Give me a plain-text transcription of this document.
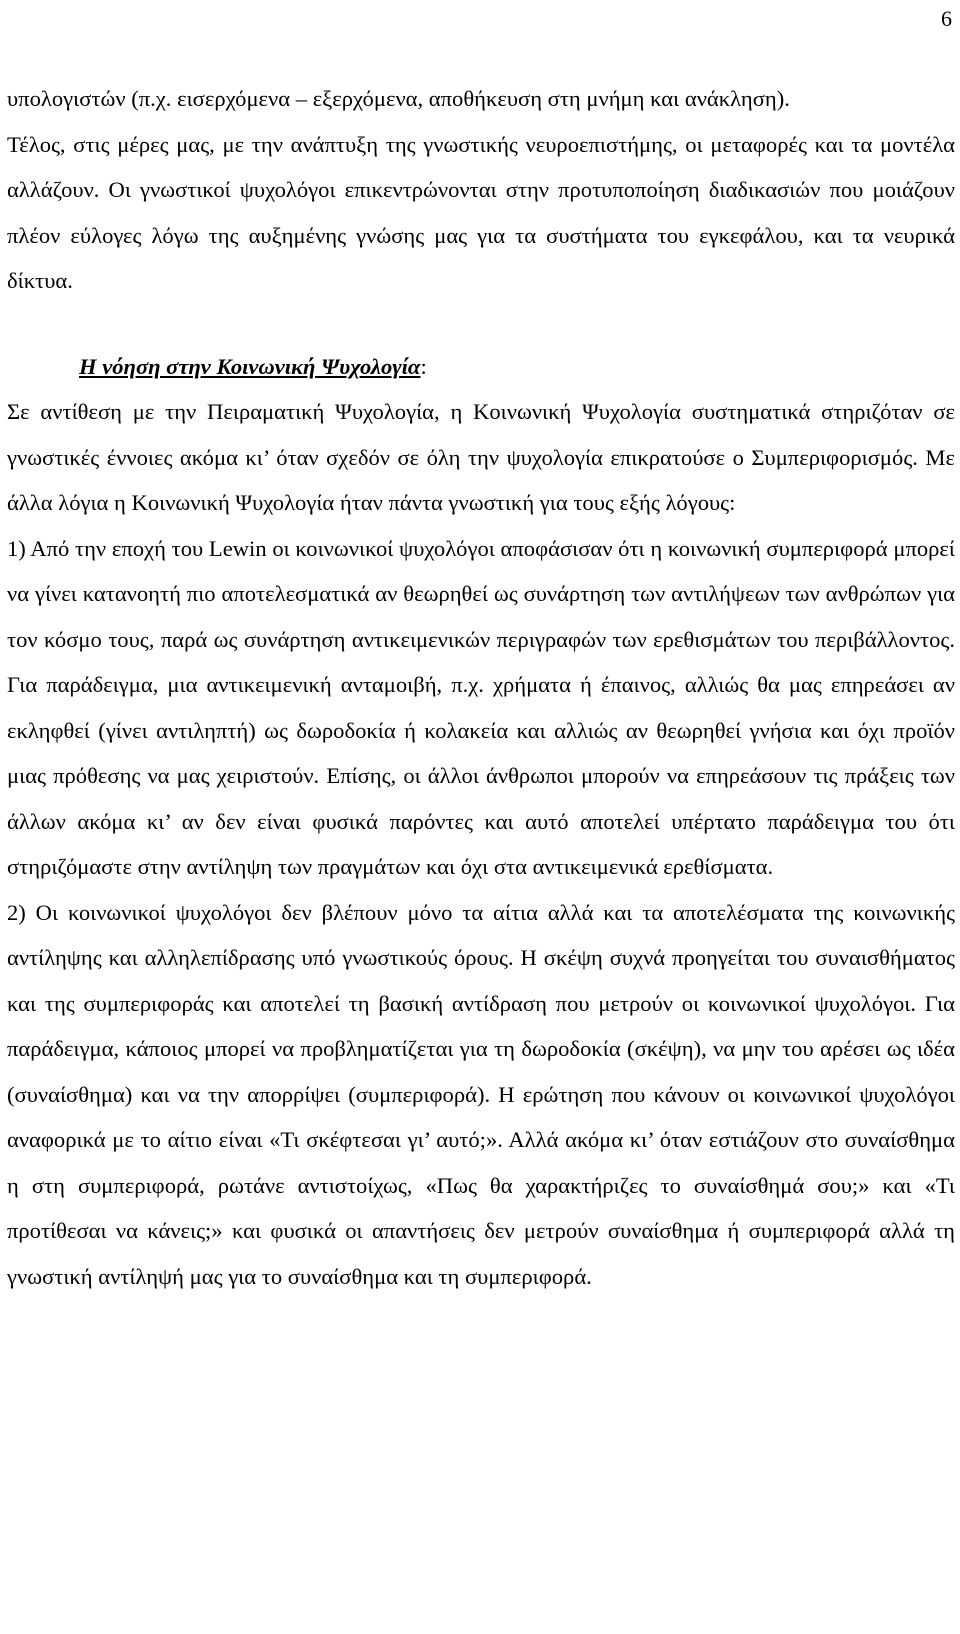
6

υπολογιστών (π.χ. εισερχόμενα – εξερχόμενα, αποθήκευση στη μνήμη και ανάκληση).

Τέλος, στις μέρες μας, με την ανάπτυξη της γνωστικής νευροεπιστήμης, οι μεταφορές και τα μοντέλα αλλάζουν. Οι γνωστικοί ψυχολόγοι επικεντρώνονται στην προτυποποίηση διαδικασιών που μοιάζουν πλέον εύλογες λόγω της αυξημένης γνώσης μας για τα συστήματα του εγκεφάλου, και τα νευρικά δίκτυα.

Η νόηση στην Κοινωνική Ψυχολογία:

Σε αντίθεση με την Πειραματική Ψυχολογία, η Κοινωνική Ψυχολογία συστηματικά στηριζόταν σε γνωστικές έννοιες ακόμα κι’ όταν σχεδόν σε όλη την ψυχολογία επικρατούσε ο Συμπεριφορισμός. Με άλλα λόγια η Κοινωνική Ψυχολογία ήταν πάντα γνωστική για τους εξής λόγους:

1) Από την εποχή του Lewin οι κοινωνικοί ψυχολόγοι αποφάσισαν ότι η κοινωνική συμπεριφορά μπορεί να γίνει κατανοητή πιο αποτελεσματικά αν θεωρηθεί ως συνάρτηση των αντιλήψεων των ανθρώπων για τον κόσμο τους, παρά ως συνάρτηση αντικειμενικών περιγραφών των ερεθισμάτων του περιβάλλοντος. Για παράδειγμα, μια αντικειμενική ανταμοιβή, π.χ. χρήματα ή έπαινος, αλλιώς θα μας επηρεάσει αν εκληφθεί (γίνει αντιληπτή) ως δωροδοκία ή κολακεία και αλλιώς αν θεωρηθεί γνήσια και όχι προϊόν μιας πρόθεσης να μας χειριστούν. Επίσης, οι άλλοι άνθρωποι μπορούν να επηρεάσουν τις πράξεις των άλλων ακόμα κι’ αν δεν είναι φυσικά παρόντες και αυτό αποτελεί υπέρτατο παράδειγμα του ότι στηριζόμαστε στην αντίληψη των πραγμάτων και όχι στα αντικειμενικά ερεθίσματα.

2) Οι κοινωνικοί ψυχολόγοι δεν βλέπουν μόνο τα αίτια αλλά και τα αποτελέσματα της κοινωνικής αντίληψης και αλληλεπίδρασης υπό γνωστικούς όρους. Η σκέψη συχνά προηγείται του συναισθήματος και της συμπεριφοράς και αποτελεί τη βασική αντίδραση που μετρούν οι κοινωνικοί ψυχολόγοι. Για παράδειγμα, κάποιος μπορεί να προβληματίζεται για τη δωροδοκία (σκέψη), να μην του αρέσει ως ιδέα (συναίσθημα) και να την απορρίψει (συμπεριφορά). Η ερώτηση που κάνουν οι κοινωνικοί ψυχολόγοι αναφορικά με το αίτιο είναι «Τι σκέφτεσαι γι’ αυτό;». Αλλά ακόμα κι’ όταν εστιάζουν στο συναίσθημα η στη συμπεριφορά, ρωτάνε αντιστοίχως, «Πως θα χαρακτήριζες το συναίσθημά σου;» και «Τι προτίθεσαι να κάνεις;» και φυσικά οι απαντήσεις δεν μετρούν συναίσθημα ή συμπεριφορά αλλά τη γνωστική αντίληψή μας για το συναίσθημα και τη συμπεριφορά.
